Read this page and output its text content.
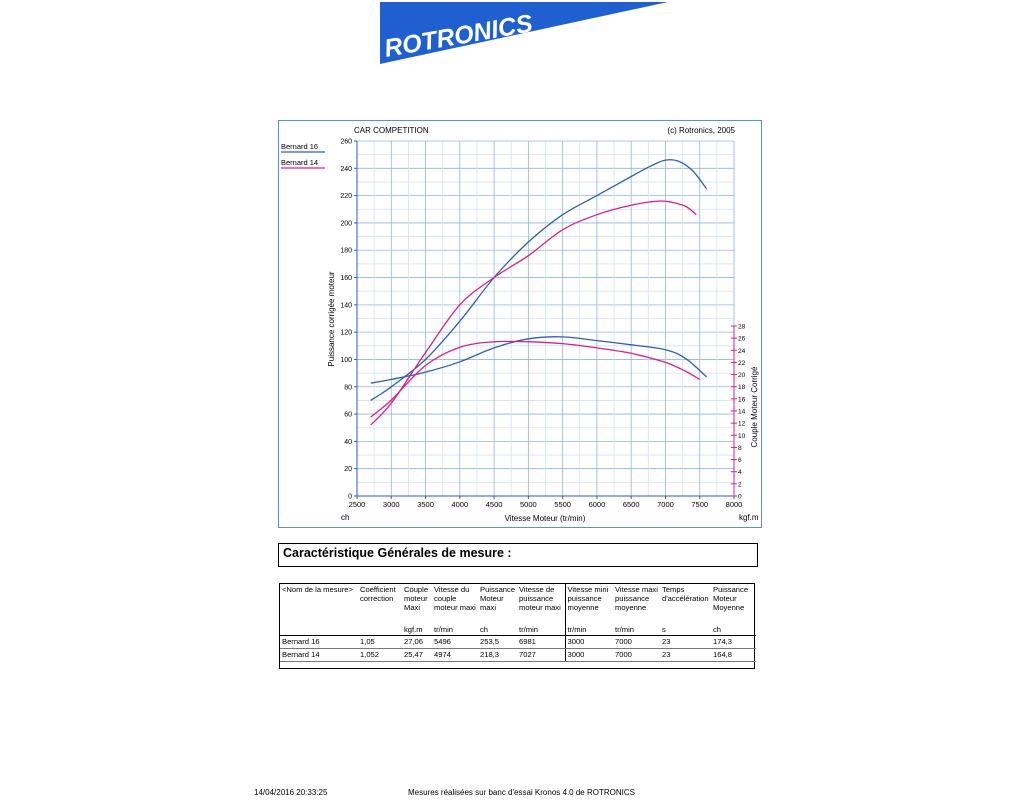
ROTRONICS
CAR COMPETITION	(c) Rotronics, 2005
Bernard 16
Bernard 14
2500 3000 3500 4000 4500 5000 5500 6000 6500 7000 7500 8000
0
20
40
60
80
100
120
140
160
180
200
220
240
260
0
2
4
6
8
10
12
14
16
18
20
22
24
26
28
Vitesse Moteur (tr/min)
ch	kgf.m
Puissance corrigée moteur
Couple Moteur Corrigé
Caractéristique Générales de mesure :
<Nom de la mesure>	Coefficient correction	Couple moteur Maxi	Vitesse du couple moteur maxi	Puissance Moteur maxi	Vitesse de puissance moteur maxi	Vitesse mini puissance moyenne	Vitesse maxi puissance moyenne	Temps d'accélération	Puissance Moteur Moyenne
		kgf.m	tr/min	ch	tr/min	tr/min	tr/min	s	ch
Bernard 16	1,05	27,06	5496	253,5	6981	3000	7000	23	174,3
Bernard 14	1,052	25,47	4974	218,3	7027	3000	7000	23	164,8
14/04/2016 20:33:25	Mesures réalisées sur banc d'essai Kronos 4.0 de ROTRONICS
